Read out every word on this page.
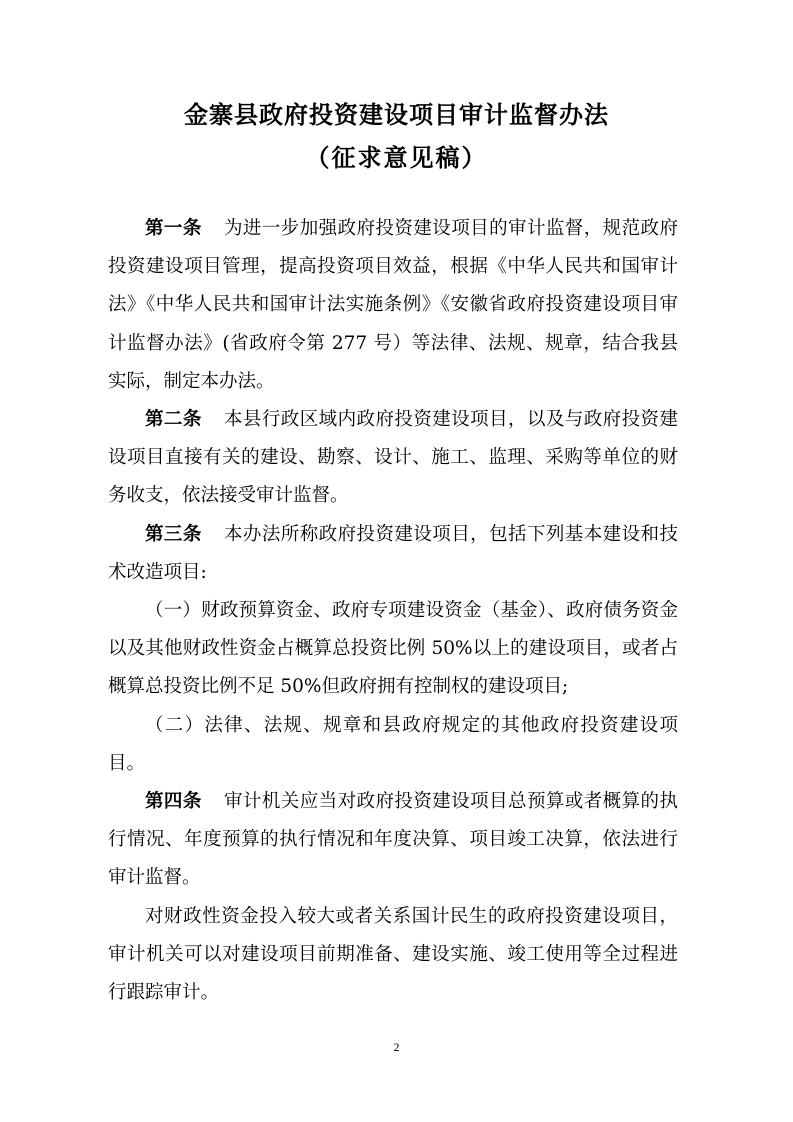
金寨县政府投资建设项目审计监督办法
（征求意见稿）

第一条 为进一步加强政府投资建设项目的审计监督，规范政府投资建设项目管理，提高投资项目效益，根据《中华人民共和国审计法》《中华人民共和国审计法实施条例》《安徽省政府投资建设项目审计监督办法》(省政府令第 277 号）等法律、法规、规章，结合我县实际，制定本办法。

第二条 本县行政区域内政府投资建设项目，以及与政府投资建设项目直接有关的建设、勘察、设计、施工、监理、采购等单位的财务收支，依法接受审计监督。

第三条 本办法所称政府投资建设项目，包括下列基本建设和技术改造项目:

（一）财政预算资金、政府专项建设资金（基金）、政府债务资金以及其他财政性资金占概算总投资比例 50%以上的建设项目，或者占概算总投资比例不足 50%但政府拥有控制权的建设项目;

（二）法律、法规、规章和县政府规定的其他政府投资建设项目。

第四条 审计机关应当对政府投资建设项目总预算或者概算的执行情况、年度预算的执行情况和年度决算、项目竣工决算，依法进行审计监督。

对财政性资金投入较大或者关系国计民生的政府投资建设项目，审计机关可以对建设项目前期准备、建设实施、竣工使用等全过程进行跟踪审计。

2
